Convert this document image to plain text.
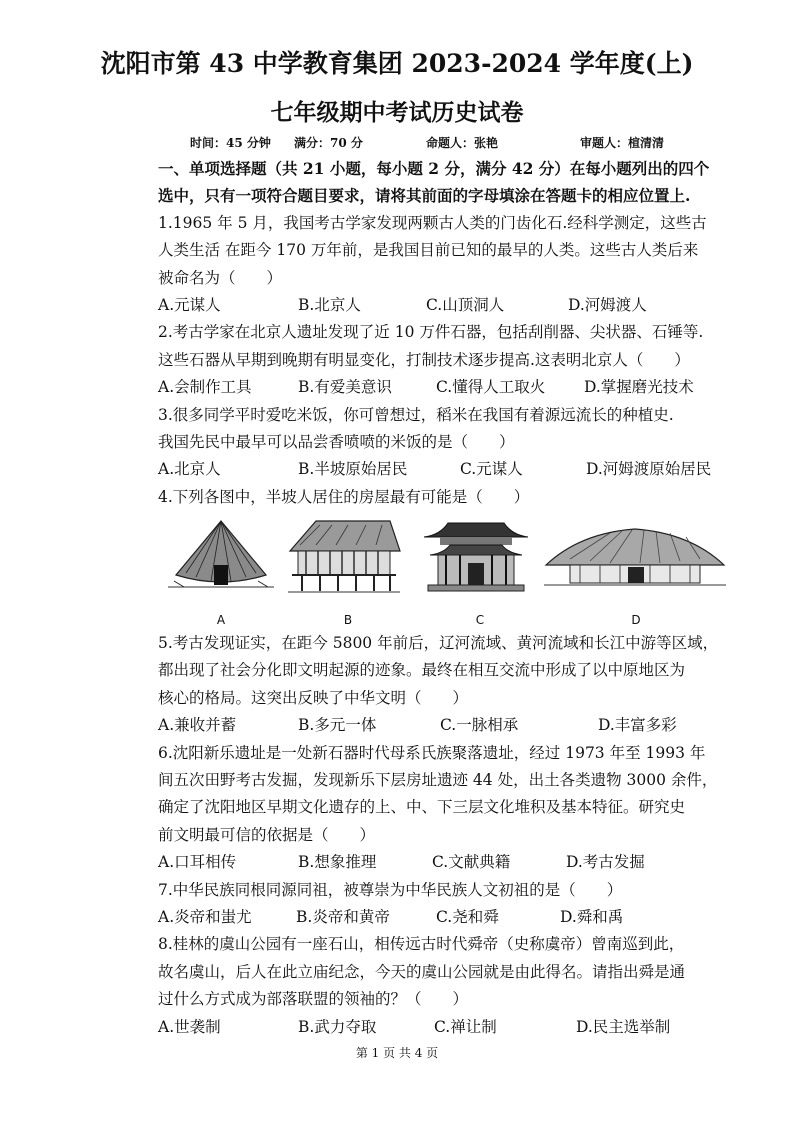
沈阳市第 43 中学教育集团 2023-2024 学年度(上)
七年级期中考试历史试卷
时间：45 分钟 满分：70 分	命题人：张艳	审题人：楦清清
一、单项选择题（共 21 小题，每小题 2 分，满分 42 分）在每小题列出的四个
选中，只有一项符合题目要求，请将其前面的字母填涂在答题卡的相应位置上.
1.1965 年 5 月，我国考古学家发现两颗古人类的门齿化石.经科学测定，这些古
人类生活 在距今 170 万年前，是我国目前已知的最早的人类。这些古人类后来
被命名为（　　）
A.元谋人	B.北京人	C.山顶洞人	D.河姆渡人
2.考古学家在北京人遗址发现了近 10 万件石器，包括刮削器、尖状器、石锤等.
这些石器从早期到晚期有明显变化，打制技术逐步提高.这表明北京人（　　）
A.会制作工具	B.有爱美意识	C.懂得人工取火	D.掌握磨光技术
3.很多同学平时爱吃米饭，你可曾想过，稻米在我国有着源远流长的种植史.
我国先民中最早可以品尝香喷喷的米饭的是（　　）
A.北京人	B.半坡原始居民	C.元谋人	D.河姆渡原始居民
4.下列各图中，半坡人居住的房屋最有可能是（　　）
A	B	C	D
5.考古发现证实，在距今 5800 年前后，辽河流域、黄河流域和长江中游等区域，
都出现了社会分化即文明起源的迹象。最终在相互交流中形成了以中原地区为
核心的格局。这突出反映了中华文明（　　）
A.兼收并蓄	B.多元一体	C.一脉相承	D.丰富多彩
6.沈阳新乐遗址是一处新石器时代母系氏族聚落遗址，经过 1973 年至 1993 年
间五次田野考古发掘，发现新乐下层房址遗迹 44 处，出土各类遗物 3000 余件，
确定了沈阳地区早期文化遗存的上、中、下三层文化堆积及基本特征。研究史
前文明最可信的依据是（　　）
A.口耳相传	B.想象推理	C.文献典籍	D.考古发掘
7.中华民族同根同源同祖，被尊崇为中华民族人文初祖的是（　　）
A.炎帝和蚩尤	B.炎帝和黄帝	C.尧和舜	D.舜和禹
8.桂林的虞山公园有一座石山，相传远古时代舜帝（史称虞帝）曾南巡到此，
故名虞山，后人在此立庙纪念，今天的虞山公园就是由此得名。请指出舜是通
过什么方式成为部落联盟的领袖的？（　　）
A.世袭制	B.武力夺取	C.禅让制	D.民主选举制
第 1 页 共 4 页
